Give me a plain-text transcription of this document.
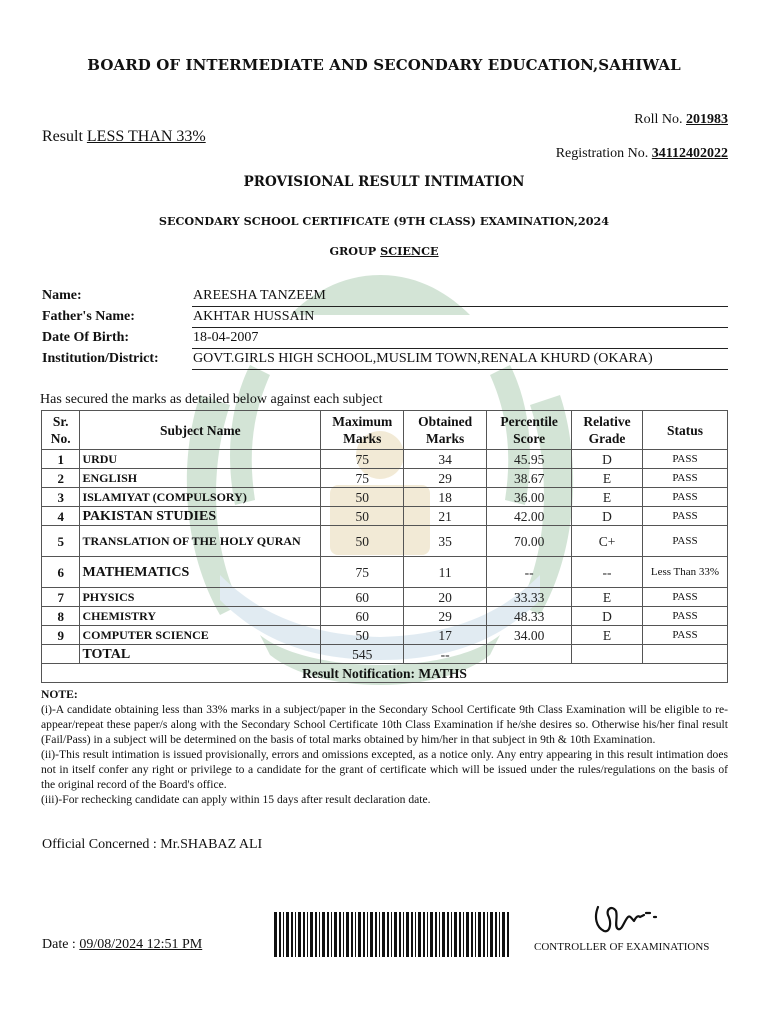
BOARD OF INTERMEDIATE AND SECONDARY EDUCATION,SAHIWAL
Roll No. 201983
Registration No. 34112402022
Result LESS THAN 33%
PROVISIONAL RESULT INTIMATION
SECONDARY SCHOOL CERTIFICATE (9TH CLASS) EXAMINATION,2024
GROUP SCIENCE
Name:	AREESHA TANZEEM
Father's Name:	AKHTAR HUSSAIN
Date Of Birth:	18-04-2007
Institution/District: GOVT.GIRLS HIGH SCHOOL,MUSLIM TOWN,RENALA KHURD (OKARA)
Has secured the marks as detailed below against each subject
Sr. No.	Subject Name	Maximum Marks	Obtained Marks	Percentile Score	Relative Grade	Status
1	URDU	75	34	45.95	D	PASS
2	ENGLISH	75	29	38.67	E	PASS
3	ISLAMIYAT (COMPULSORY)	50	18	36.00	E	PASS
4	PAKISTAN STUDIES	50	21	42.00	D	PASS
5	TRANSLATION OF THE HOLY QURAN	50	35	70.00	C+	PASS
6	MATHEMATICS	75	11	--	--	Less Than 33%
7	PHYSICS	60	20	33.33	E	PASS
8	CHEMISTRY	60	29	48.33	D	PASS
9	COMPUTER SCIENCE	50	17	34.00	E	PASS
	TOTAL	545	--			
Result Notification: MATHS						
NOTE:
(i)-A candidate obtaining less than 33% marks in a subject/paper in the Secondary School Certificate 9th Class Examination will be eligible to re-appear/repeat these paper/s along with the Secondary School Certificate 10th Class Examination if he/she desires so. Otherwise his/her final result (Fail/Pass) in a subject will be determined on the basis of total marks obtained by him/her in that subject in 9th & 10th Examination.
(ii)-This result intimation is issued provisionally, errors and omissions excepted, as a notice only. Any entry appearing in this result intimation does not in itself confer any right or privilege to a candidate for the grant of certificate which will be issued under the rules/regulations on the basis of the original record of the Board's office.
(iii)-For rechecking candidate can apply within 15 days after result declaration date.
Official Concerned : Mr.SHABAZ ALI
Date : 09/08/2024 12:51 PM	CONTROLLER OF EXAMINATIONS
